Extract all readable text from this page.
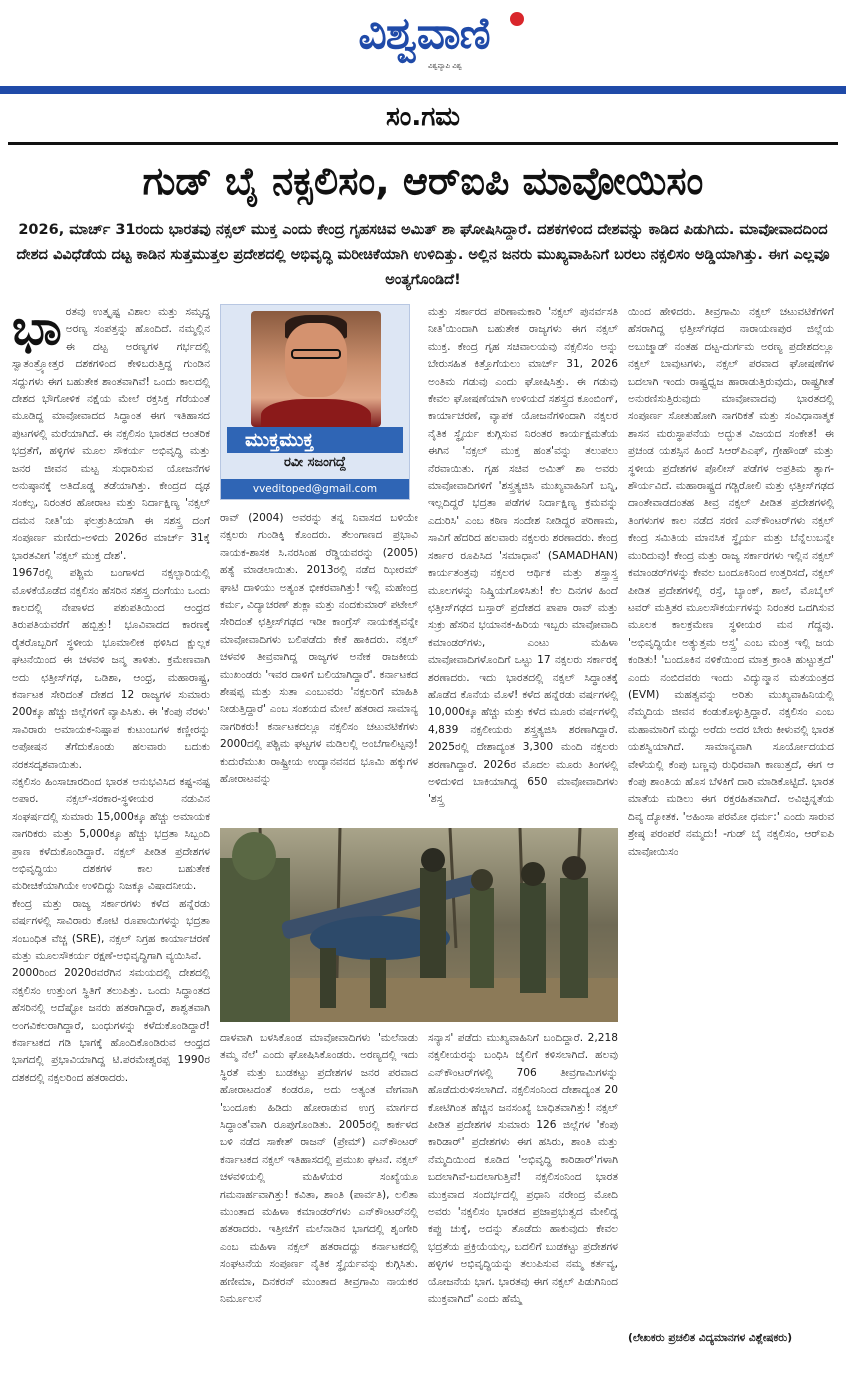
ವಿಶ್ವವಾಣಿ
ವಿಶ್ವವ್ಯಾಪಿ ವಿಶ್ವ
ಸಂ.ಗಮ
ಗುಡ್ ಬೈ ನಕ್ಸಲಿಸಂ, ಆರ್‌ಐಪಿ ಮಾವೋಯಿಸಂ
2026, ಮಾರ್ಚ್ 31ರಂದು ಭಾರತವು ನಕ್ಸಲ್ ಮುಕ್ತ ಎಂದು ಕೇಂದ್ರ ಗೃಹಸಚಿವ ಅಮಿತ್ ಶಾ ಘೋಷಿಸಿದ್ದಾರೆ. ದಶಕಗಳಿಂದ ದೇಶವನ್ನು ಕಾಡಿದ ಪಿಡುಗಿದು. ಮಾವೋವಾದದಿಂದ ದೇಶದ ವಿವಿಧೆಡೆಯ ದಟ್ಟ ಕಾಡಿನ ಸುತ್ತಮುತ್ತಲ ಪ್ರದೇಶದಲ್ಲಿ ಅಭಿವೃದ್ಧಿ ಮರೀಚಿಕೆಯಾಗಿ ಉಳಿದಿತ್ತು. ಅಲ್ಲಿನ ಜನರು ಮುಖ್ಯವಾಹಿನಿಗೆ ಬರಲು ನಕ್ಸಲಿಸಂ ಅಡ್ಡಿಯಾಗಿತ್ತು. ಈಗ ಎಲ್ಲವೂ ಅಂತ್ಯಗೊಂಡಿದೆ!
ಭಾ ರತವು ಉತ್ಕೃಷ್ಟ ವಿಶಾಲ ಮತ್ತು ಸಮೃದ್ಧ ಅರಣ್ಯ ಸಂಪತ್ತನ್ನು ಹೊಂದಿದೆ. ನಮ್ಮಲ್ಲಿನ ಈ ದಟ್ಟ ಅರಣ್ಯಗಳ ಗರ್ಭದಲ್ಲಿ ಸ್ವಾತಂತ್ರ್ಯೋತ್ತರ ದಶಕಗಳಿಂದ ಕೇಳಿಬರುತ್ತಿದ್ದ ಗುಂಡಿನ ಸದ್ದುಗಳು ಈಗ ಬಹುತೇಕ ಶಾಂತವಾಗಿವೆ! ಒಂದು ಕಾಲದಲ್ಲಿ ದೇಶದ ಭೌಗೋಳಿಕ ನಕ್ಷೆಯ ಮೇಲೆ ರಕ್ತಸಿಕ್ತ ಗೆರೆಯಂತೆ ಮೂಡಿದ್ದ ಮಾವೋವಾದದ ಸಿದ್ಧಾಂತ ಈಗ ಇತಿಹಾಸದ ಪುಟಗಳಲ್ಲಿ ಮರೆಯಾಗಿದೆ. ಈ ನಕ್ಸಲಿಸಂ ಭಾರತದ ಆಂತರಿಕ ಭದ್ರತೆಗೆ, ಹಳ್ಳಿಗಳ ಮೂಲ ಸೌಕರ್ಯ ಅಭಿವೃದ್ಧಿ ಮತ್ತು ಜನರ ಜೀವನ ಮಟ್ಟ ಸುಧಾರಿಸುವ ಯೋಜನೆಗಳ ಅನುಷ್ಠಾನಕ್ಕೆ ಅತಿದೊಡ್ಡ ತಡೆಯಾಗಿತ್ತು. ಕೇಂದ್ರದ ದೃಢ ಸಂಕಲ್ಪ, ನಿರಂತರ ಹೋರಾಟ ಮತ್ತು ನಿರ್ದಾಕ್ಷಿಣ್ಯ 'ನಕ್ಸಲ್ ದಮನ ನೀತಿ'ಯ ಫಲಶ್ರುತಿಯಾಗಿ ಈ ಸಶಸ್ತ್ರ ದಂಗೆ ಸಂಪೂರ್ಣ ಮಣಿದು-ಅಳಿದು 2026ರ ಮಾರ್ಚ್ 31ಕ್ಕೆ ಭಾರತವೀಗ 'ನಕ್ಸಲ್ ಮುಕ್ತ ದೇಶ'.

1967ರಲ್ಲಿ ಪಶ್ಚಿಮ ಬಂಗಾಳದ ನಕ್ಸಲ್ಬಾರಿಯಲ್ಲಿ ಮೊಳಕೆಯೊಡೆದ ನಕ್ಸಲಿಸಂ ಹೆಸರಿನ ಸಶಸ್ತ್ರ ದಂಗೆಯು ಒಂದು ಕಾಲದಲ್ಲಿ ನೇಪಾಳದ ಪಶುಪತಿಯಿಂದ ಆಂಧ್ರದ ತಿರುಪತಿಯವರೆಗೆ ಹಬ್ಬಿತ್ತು! ಭೂವಿವಾದದ ಕಾರಣಕ್ಕೆ ರೈತರೊಬ್ಬರಿಗೆ ಸ್ಥಳೀಯ ಭೂಮಾಲೀಕ ಥಳಿಸಿದ ಕ್ಷುಲ್ಲಕ ಘಟನೆಯಿಂದ ಈ ಚಳವಳಿ ಜನ್ಮ ತಾಳಿತು. ಕ್ರಮೇಣವಾಗಿ ಅದು ಛತ್ತೀಸ್‌ಗಢ, ಒಡಿಶಾ, ಆಂಧ್ರ, ಮಹಾರಾಷ್ಟ್ರ, ಕರ್ನಾಟಕ ಸೇರಿದಂತೆ ದೇಶದ 12 ರಾಜ್ಯಗಳ ಸುಮಾರು 200ಕ್ಕೂ ಹೆಚ್ಚು ಜಿಲ್ಲೆಗಳಿಗೆ ವ್ಯಾಪಿಸಿತು. ಈ 'ಕೆಂಪು ನೆರಳು' ಸಾವಿರಾರು ಅಮಾಯಕ-ನಿಷ್ಪಾಪ ಕುಟುಂಬಗಳ ಕಣ್ಣೀರನ್ನು ಅಪೋಷನ ತೆಗೆದುಕೊಂಡು ಹಲವಾರು ಬದುಕು ನರಕಸದೃಶವಾಯಿತು.

ನಕ್ಸಲಿಸಂ ಹಿಂಸಾಚಾರದಿಂದ ಭಾರತ ಅನುಭವಿಸಿದ ಕಷ್ಟ-ನಷ್ಟ ಅಪಾರ. ನಕ್ಸಲ್-ಸರಕಾರ-ಸ್ಥಳೀಯರ ನಡುವಿನ ಸಂಘರ್ಷದಲ್ಲಿ ಸುಮಾರು 15,000ಕ್ಕೂ ಹೆಚ್ಚು ಅಮಾಯಕ ನಾಗರಿಕರು ಮತ್ತು 5,000ಕ್ಕೂ ಹೆಚ್ಚು ಭದ್ರತಾ ಸಿಬ್ಬಂದಿ ಪ್ರಾಣ ಕಳೆದುಕೊಂಡಿದ್ದಾರೆ. ನಕ್ಸಲ್ ಪೀಡಿತ ಪ್ರದೇಶಗಳ ಅಭಿವೃದ್ಧಿಯು ದಶಕಗಳ ಕಾಲ ಬಹುತೇಕ ಮರೀಚಿಕೆಯಾಗಿಯೇ ಉಳಿದಿದ್ದು ನಿಜಕ್ಕೂ ವಿಷಾದನೀಯ.

ಕೇಂದ್ರ ಮತ್ತು ರಾಜ್ಯ ಸರ್ಕಾರಗಳು ಕಳೆದ ಹನ್ನೆರಡು ವರ್ಷಗಳಲ್ಲಿ ಸಾವಿರಾರು ಕೋಟಿ ರೂಪಾಯಿಗಳನ್ನು ಭದ್ರತಾ ಸಂಬಂಧಿತ ವೆಚ್ಚ (SRE), ನಕ್ಸಲ್ ನಿಗ್ರಹ ಕಾರ್ಯಾಚರಣೆ ಮತ್ತು ಮೂಲಸೌಕರ್ಯ ರಕ್ಷಣೆ-ಅಭಿವೃದ್ಧಿಗಾಗಿ ವ್ಯಯಿಸಿವೆ.

2000ರಿಂದ 2020ರವರೆಗಿನ ಸಮಯದಲ್ಲಿ ದೇಶದಲ್ಲಿ ನಕ್ಸಲಿಸಂ ಉತ್ತುಂಗ ಸ್ಥಿತಿಗೆ ತಲುಪಿತ್ತು. ಒಂದು ಸಿದ್ಧಾಂತದ ಹೆಸರಿನಲ್ಲಿ ಅದೆಷ್ಟೋ ಜನರು ಹತರಾಗಿದ್ದಾರೆ, ಶಾಶ್ವತವಾಗಿ ಅಂಗವಿಕಲರಾಗಿದ್ದಾರೆ, ಬಂಧುಗಳನ್ನು ಕಳೆದುಕೊಂಡಿದ್ದಾರೆ! ಕರ್ನಾಟಕದ ಗಡಿ ಭಾಗಕ್ಕೆ ಹೊಂದಿಕೊಂಡಿರುವ ಆಂಧ್ರದ ಭಾಗದಲ್ಲಿ ಪ್ರಭಾವಿಯಾಗಿದ್ದ ಟಿ.ಪರಮೇಶ್ವರಪ್ಪ 1990ರ ದಶಕದಲ್ಲಿ ನಕ್ಸಲರಿಂದ ಹತರಾದರು.

ಮುಕ್ತಮುಕ್ತ
ರವೀ ಸಜಂಗದ್ದೆ
vveditoped@gmail.com

ರಾವ್ (2004) ಅವರನ್ನು ತನ್ನ ನಿವಾಸದ ಬಳಿಯೇ ನಕ್ಸಲರು ಗುಂಡಿಕ್ಕಿ ಕೊಂದರು. ತೆಲಂಗಾಣದ ಪ್ರಭಾವಿ ನಾಯಕ-ಶಾಸಕ ಸಿ.ನರಸಿಂಹ ರೆಡ್ಡಿಯವರನ್ನು (2005) ಹತ್ಯೆ ಮಾಡಲಾಯಿತು. 2013ರಲ್ಲಿ ನಡೆದ ಝೀರಮ್ ಘಾಟಿ ದಾಳಿಯು ಅತ್ಯಂತ ಭೀಕರವಾಗಿತ್ತು! ಇಲ್ಲಿ ಮಹೇಂದ್ರ ಕರ್ಮ, ವಿದ್ಯಾಚರಣ್ ಶುಕ್ಲಾ ಮತ್ತು ನಂದಕುಮಾರ್ ಪಟೇಲ್ ಸೇರಿದಂತೆ ಛತ್ತೀಸ್‌ಗಢದ ಇಡೀ ಕಾಂಗ್ರೆಸ್ ನಾಯಕತ್ವವನ್ನೇ ಮಾವೋವಾದಿಗಳು ಬಲಿಪಡೆದು ಕೇಕೆ ಹಾಕಿದರು. ನಕ್ಸಲ್ ಚಳವಳಿ ತೀವ್ರವಾಗಿದ್ದ ರಾಜ್ಯಗಳ ಅನೇಕ ರಾಜಕೀಯ ಮುಖಂಡರು 'ಇವರ ದಾಳಿಗೆ ಬಲಿಯಾಗಿದ್ದಾರೆ'. ಕರ್ನಾಟಕದ ಶೇಷಪ್ಪ ಮತ್ತು ಸುತಾ ಎಂಬುವರು 'ನಕ್ಸಲರಿಗೆ ಮಾಹಿತಿ ನೀಡುತ್ತಿದ್ದಾರೆ' ಎಂಬ ಸಂಶಯದ ಮೇಲೆ ಹತರಾದ ಸಾಮಾನ್ಯ ನಾಗರಿಕರು! ಕರ್ನಾಟಕದಲ್ಲೂ ನಕ್ಸಲಿಸಂ ಚಟುವಟಿಕೆಗಳು 2000ದಲ್ಲಿ ಪಶ್ಚಿಮ ಘಟ್ಟಗಳ ಮಡಿಲಲ್ಲಿ ಅಂಬೆಗಾಲಿಟ್ಟವು! ಕುದುರೆಮುಖ ರಾಷ್ಟ್ರೀಯ ಉದ್ಯಾನವನದ ಭೂಮಿ ಹಕ್ಕುಗಳ ಹೋರಾಟವನ್ನು

ಮತ್ತು ಸರ್ಕಾರದ ಪರಿಣಾಮಕಾರಿ 'ನಕ್ಸಲ್ ಪುನರ್ವಸತಿ ನೀತಿ'ಯಿಂದಾಗಿ ಬಹುತೇಕ ರಾಜ್ಯಗಳು ಈಗ ನಕ್ಸಲ್ ಮುಕ್ತ. ಕೇಂದ್ರ ಗೃಹ ಸಚಿವಾಲಯವು ನಕ್ಸಲಿಸಂ ಅನ್ನು ಬೇರುಸಹಿತ ಕಿತ್ತೊಗೆಯಲು ಮಾರ್ಚ್ 31, 2026 ಅಂತಿಮ ಗಡುವು ಎಂದು ಘೋಷಿಸಿತ್ತು. ಈ ಗಡುವು ಕೇವಲ ಘೋಷಣೆಯಾಗಿ ಉಳಿಯದೆ ಸಶಸ್ತ್ರದ ಕೂಂಬಿಂಗ್, ಕಾರ್ಯಾಚರಣೆ, ವ್ಯಾಪಕ ಯೋಜನೆಗಳಿಂದಾಗಿ ನಕ್ಸಲರ ನೈತಿಕ ಸ್ಥೈರ್ಯ ಕುಗ್ಗಿಸುವ ನಿರಂತರ ಕಾರ್ಯಕ್ಷಮತೆಯ ಈಗಿನ 'ನಕ್ಸಲ್ ಮುಕ್ತ ಹಂತ'ವನ್ನು ತಲುಪಲು ನೆರವಾಯಿತು. ಗೃಹ ಸಚಿವ ಅಮಿತ್ ಶಾ ಅವರು ಮಾವೋವಾದಿಗಳಿಗೆ 'ಶಸ್ತ್ರತ್ಯಜಿಸಿ ಮುಖ್ಯವಾಹಿನಿಗೆ ಬನ್ನಿ, ಇಲ್ಲದಿದ್ದರೆ ಭದ್ರತಾ ಪಡೆಗಳ ನಿರ್ದಾಕ್ಷಿಣ್ಯ ಕ್ರಮವನ್ನು ಎದುರಿಸಿ' ಎಂಬ ಕಠಿಣ ಸಂದೇಶ ನೀಡಿದ್ದರ ಪರಿಣಾಮ, ಸಾವಿಗೆ ಹೆದರಿದ ಹಲವಾರು ನಕ್ಸಲರು ಶರಣಾದರು. ಕೇಂದ್ರ ಸರ್ಕಾರ ರೂಪಿಸಿದ 'ಸಮಾಧಾನ' (SAMADHAN) ಕಾರ್ಯತಂತ್ರವು ನಕ್ಸಲರ ಆರ್ಥಿಕ ಮತ್ತು ಶಸ್ತ್ರಾಸ್ತ್ರ ಮೂಲಗಳನ್ನು ನಿಷ್ಕ್ರಿಯಗೊಳಿಸಿತು! ಕೆಲ ದಿನಗಳ ಹಿಂದೆ ಛತ್ತೀಸ್‌ಗಢದ ಬಸ್ತಾರ್ ಪ್ರದೇಶದ ಪಾಪಾ ರಾವ್ ಮತ್ತು ಸುಕ್ರು ಹೆಸರಿನ ಭಯಾನಕ-ಹಿರಿಯ ಇಬ್ಬರು ಮಾವೋವಾದಿ ಕಮಾಂಡರ್‌ಗಳು, ಎಂಟು ಮಹಿಳಾ ಮಾವೋವಾದಿಗಳೊಂದಿಗೆ ಒಟ್ಟು 17 ನಕ್ಸಲರು ಸರ್ಕಾರಕ್ಕೆ ಶರಣಾದರು. ಇದು ಭಾರತದಲ್ಲಿ ನಕ್ಸಲ್ ಸಿದ್ಧಾಂತಕ್ಕೆ ಹೊಡೆದ ಕೊನೆಯ ಮೊಳೆ! ಕಳೆದ ಹನ್ನೆರಡು ವರ್ಷಗಳಲ್ಲಿ 10,000ಕ್ಕೂ ಹೆಚ್ಚು ಮತ್ತು ಕಳೆದ ಮೂರು ವರ್ಷಗಳಲ್ಲಿ 4,839 ನಕ್ಸಲೀಯರು ಶಸ್ತ್ರತ್ಯಜಿಸಿ ಶರಣಾಗಿದ್ದಾರೆ. 2025ರಲ್ಲಿ ದೇಶಾದ್ಯಂತ 3,300 ಮಂದಿ ನಕ್ಸಲರು ಶರಣಾಗಿದ್ದಾರೆ. 2026ರ ಮೊದಲ ಮೂರು ತಿಂಗಳಲ್ಲಿ ಅಳಿದುಳಿದ ಬಾಕಿಯಾಗಿದ್ದ 650 ಮಾವೋವಾದಿಗಳು 'ಶಸ್ತ್ರ

ಯಿಂದ ಹೇಳಿದರು. ತೀವ್ರಗಾಮಿ ನಕ್ಸಲ್ ಚಟುವಟಿಕೆಗಳಿಗೆ ಹೆಸರಾಗಿದ್ದ ಛತ್ತೀಸ್‌ಗಢದ ನಾರಾಯಣಪುರ ಜಿಲ್ಲೆಯ ಅಬುಜ್ಮಾಡ್ ನಂತಹ ದಟ್ಟ-ದುರ್ಗಮ ಅರಣ್ಯ ಪ್ರದೇಶದಲ್ಲೂ ನಕ್ಸಲ್ ಬಾವುಟಗಳು, ನಕ್ಸಲ್ ಪರವಾದ ಘೋಷಣೆಗಳ ಬದಲಾಗಿ ಇಂದು ರಾಷ್ಟ್ರಧ್ವಜ ಹಾರಾಡುತ್ತಿರುವುದು, ರಾಷ್ಟ್ರಗೀತೆ ಅನುರಣಿಸುತ್ತಿರುವುದು ಮಾವೋವಾದವು ಭಾರತದಲ್ಲಿ ಸಂಪೂರ್ಣ ಸೋತುಹೋಗಿ ನಾಗರಿಕತೆ ಮತ್ತು ಸಂವಿಧಾನಾತ್ಮಕ ಶಾಸನ ಮರುಸ್ಥಾಪನೆಯ ಅದ್ಭುತ ವಿಜಯದ ಸಂಕೇತ! ಈ ಪ್ರಚಂಡ ಯಶಸ್ಸಿನ ಹಿಂದೆ ಸಿಆರ್‌ಪಿಎಫ್, ಗ್ರೇಹೌಂಡ್ ಮತ್ತು ಸ್ಥಳೀಯ ಪ್ರದೇಶಗಳ ಪೊಲೀಸ್ ಪಡೆಗಳ ಅಪ್ರತಿಮ ತ್ಯಾಗ-ಶೌರ್ಯವಿದೆ. ಮಹಾರಾಷ್ಟ್ರದ ಗಡ್ಚಿರೋಲಿ ಮತ್ತು ಛತ್ತೀಸ್‌ಗಢದ ದಾಂತೇವಾಡದಂತಹ ತೀವ್ರ ನಕ್ಸಲ್ ಪೀಡಿತ ಪ್ರದೇಶಗಳಲ್ಲಿ ತಿಂಗಳುಗಳ ಕಾಲ ನಡೆದ ಸರಣಿ ಎನ್‌ಕೌಂಟರ್‌ಗಳು ನಕ್ಸಲ್ ಕೇಂದ್ರ ಸಮಿತಿಯ ಮಾನಸಿಕ ಸ್ಥೈರ್ಯ ಮತ್ತು ಬೆನ್ನೆಲುಬನ್ನೇ ಮುರಿದುವು! ಕೇಂದ್ರ ಮತ್ತು ರಾಜ್ಯ ಸರ್ಕಾರಗಳು ಇಲ್ಲಿನ ನಕ್ಸಲ್ ಕಮಾಂಡರ್‌ಗಳನ್ನು ಕೇವಲ ಬಂದೂಕಿನಿಂದ ಉತ್ತರಿಸದೆ, ನಕ್ಸಲ್ ಪೀಡಿತ ಪ್ರದೇಶಗಳಲ್ಲಿ ರಸ್ತೆ, ಬ್ಯಾಂಕ್, ಶಾಲೆ, ಮೊಬೈಲ್ ಟವರ್ ಮತ್ತಿತರ ಮೂಲಸೌಕರ್ಯಗಳನ್ನು ನಿರಂತರ ಒದಗಿಸುವ ಮೂಲಕ ಕಾಲಕ್ರಮೇಣ ಸ್ಥಳೀಯರ ಮನ ಗೆದ್ದವು. 'ಅಭಿವೃದ್ಧಿಯೇ ಅತ್ಯುತ್ತಮ ಅಸ್ತ್ರ' ಎಂಬ ಮಂತ್ರ ಇಲ್ಲಿ ಜಯ ಕಂಡಿತು! 'ಬಂದೂಕಿನ ನಳಿಕೆಯಿಂದ ಮಾತ್ರ ಕ್ರಾಂತಿ ಹುಟ್ಟುತ್ತದೆ' ಎಂದು ನಂಬಿದವರು ಇಂದು ವಿದ್ಯುನ್ಮಾನ ಮತಯಂತ್ರದ (EVM) ಮಹತ್ವವನ್ನು ಅರಿತು ಮುಖ್ಯವಾಹಿನಿಯಲ್ಲಿ ನೆಮ್ಮದಿಯ ಜೀವನ ಕಂಡುಕೊಳ್ಳುತ್ತಿದ್ದಾರೆ. ನಕ್ಸಲಿಸಂ ಎಂಬ ಮಹಾಮಾರಿಗೆ ಮದ್ದು ಅರೆದು ಅದರ ಬೇರು ಕೀಳುವಲ್ಲಿ ಭಾರತ ಯಶಸ್ವಿಯಾಗಿದೆ. ಸಾಮಾನ್ಯವಾಗಿ ಸೂರ್ಯೋದಯದ ವೇಳೆಯಲ್ಲಿ ಕೆಂಪು ಬಣ್ಣವು ರುಧಿರವಾಗಿ ಕಾಣುತ್ತದೆ, ಈಗ ಆ ಕೆಂಪು ಶಾಂತಿಯ ಹೊಸ ಬೆಳಕಿಗೆ ದಾರಿ ಮಾಡಿಕೊಟ್ಟಿದೆ. ಭಾರತ ಮಾತೆಯ ಮಡಿಲು ಈಗ ರಕ್ತರಹಿತವಾಗಿದೆ. ಅವಿಚ್ಛಿನ್ನತೆಯ ದಿವ್ಯ ದ್ಯೋತಕ. 'ಅಹಿಂಸಾ ಪರಮೋ ಧರ್ಮ:' ಎಂದು ಸಾರುವ ಶ್ರೇಷ್ಠ ಪರಂಪರೆ ನಮ್ಮದು! -ಗುಡ್ ಬೈ ನಕ್ಸಲಿಸಂ, ಆರ್‌ಐಪಿ ಮಾವೋಯಿಸಂ

(ಲೇಖಕರು ಪ್ರಚಲಿತ ವಿದ್ಯಮಾನಗಳ ವಿಶ್ಲೇಷಕರು)

ದಾಳವಾಗಿ ಬಳಸಿಕೊಂಡ ಮಾವೋವಾದಿಗಳು 'ಮಲೆನಾಡು ತಮ್ಮ ನೆಲೆ' ಎಂದು ಘೋಷಿಸಿಕೊಂಡರು. ಅರಣ್ಯದಲ್ಲಿ ಇದು ಸ್ಥಿರತೆ ಮತ್ತು ಬುಡಕಟ್ಟು ಪ್ರದೇಶಗಳ ಜನರ ಪರವಾದ ಹೋರಾಟದಂತೆ ಕಂಡರೂ, ಅದು ಅತ್ಯಂತ ವೇಗವಾಗಿ 'ಬಂದೂಕು ಹಿಡಿದು ಹೋರಾಡುವ ಉಗ್ರ ಮಾರ್ಗದ ಸಿದ್ಧಾಂತ'ವಾಗಿ ರೂಪುಗೊಂಡಿತು. 2005ರಲ್ಲಿ ಕಾರ್ಕಳದ ಬಳಿ ನಡೆದ ಸಾಕೇತ್ ರಾಜನ್ (ಪ್ರೇಮ್) ಎನ್‌ಕೌಂಟರ್ ಕರ್ನಾಟಕದ ನಕ್ಸಲ್ ಇತಿಹಾಸದಲ್ಲಿ ಪ್ರಮುಖ ಘಟನೆ. ನಕ್ಸಲ್ ಚಳವಳಿಯಲ್ಲಿ ಮಹಿಳೆಯರ ಸಂಖ್ಯೆಯೂ ಗಮನಾರ್ಹವಾಗಿತ್ತು! ಕವಿತಾ, ಶಾಂತಿ (ಪಾರ್ವತಿ), ಲಲಿತಾ ಮುಂತಾದ ಮಹಿಳಾ ಕಮಾಂಡರ್‌ಗಳು ಎನ್‌ಕೌಂಟರ್‌ನಲ್ಲಿ ಹತರಾದರು. ಇತ್ತೀಚೆಗೆ ಮಲೆನಾಡಿನ ಭಾಗದಲ್ಲಿ ಶೃಂಗೇರಿ ಎಂಬ ಮಹಿಳಾ ನಕ್ಸಲ್ ಹತರಾದದ್ದು ಕರ್ನಾಟಕದಲ್ಲಿ ಸಂಘಟನೆಯ ಸಂಪೂರ್ಣ ನೈತಿಕ ಸ್ಥೈರ್ಯವನ್ನು ಕುಗ್ಗಿಸಿತು. ಹಣೀಮಾ, ದಿನಕರನ್ ಮುಂತಾದ ತೀವ್ರಗಾಮಿ ನಾಯಕರ ನಿರ್ಮೂಲನೆ

ಸನ್ಯಾಸ' ಪಡೆದು ಮುಖ್ಯವಾಹಿನಿಗೆ ಬಂದಿದ್ದಾರೆ. 2,218 ನಕ್ಸಲೀಯರನ್ನು ಬಂಧಿಸಿ ಜೈಲಿಗೆ ಕಳಿಸಲಾಗಿದೆ. ಹಲವು ಎನ್‌ಕೌಂಟರ್‌ಗಳಲ್ಲಿ 706 ತೀವ್ರಗಾಮಿಗಳನ್ನು ಹೊಡೆದುರುಳಿಸಲಾಗಿದೆ. ನಕ್ಸಲಿಸಂನಿಂದ ದೇಶಾದ್ಯಂತ 20 ಕೋಟಿಗಿಂತ ಹೆಚ್ಚಿನ ಜನಸಂಖ್ಯೆ ಬಾಧಿತವಾಗಿತ್ತು! ನಕ್ಸಲ್ ಪೀಡಿತ ಪ್ರದೇಶಗಳ ಸುಮಾರು 126 ಜಿಲ್ಲೆಗಳ 'ಕೆಂಪು ಕಾರಿಡಾರ್' ಪ್ರದೇಶಗಳು ಈಗ ಹಸಿರು, ಶಾಂತಿ ಮತ್ತು ನೆಮ್ಮದಿಯಿಂದ ಕೂಡಿದ 'ಅಭಿವೃದ್ಧಿ ಕಾರಿಡಾರ್'ಗಳಾಗಿ ಬದಲಾಗಿವೆ-ಬದಲಾಗುತ್ತಿವೆ! ನಕ್ಸಲಿಸಂನಿಂದ ಭಾರತ ಮುಕ್ತವಾದ ಸಂದರ್ಭದಲ್ಲಿ ಪ್ರಧಾನಿ ನರೇಂದ್ರ ಮೋದಿ ಅವರು 'ನಕ್ಸಲಿಸಂ ಭಾರತದ ಪ್ರಜಾಪ್ರಭುತ್ವದ ಮೇಲಿದ್ದ ಕಪ್ಪು ಚುಕ್ಕೆ, ಅದನ್ನು ತೊಡೆದು ಹಾಕುವುದು ಕೇವಲ ಭದ್ರತೆಯ ಪ್ರಕ್ರಿಯೆಯಲ್ಲ, ಬದಲಿಗೆ ಬುಡಕಟ್ಟು ಪ್ರದೇಶಗಳ ಹಳ್ಳಿಗಳ ಅಭಿವೃದ್ಧಿಯನ್ನು ತಲುಪಿಸುವ ನಮ್ಮ ಕರ್ತವ್ಯ, ಯೋಜನೆಯ ಭಾಗ. ಭಾರತವು ಈಗ ನಕ್ಸಲ್ ಪಿಡುಗಿನಿಂದ ಮುಕ್ತವಾಗಿದೆ' ಎಂದು ಹೆಮ್ಮೆ
